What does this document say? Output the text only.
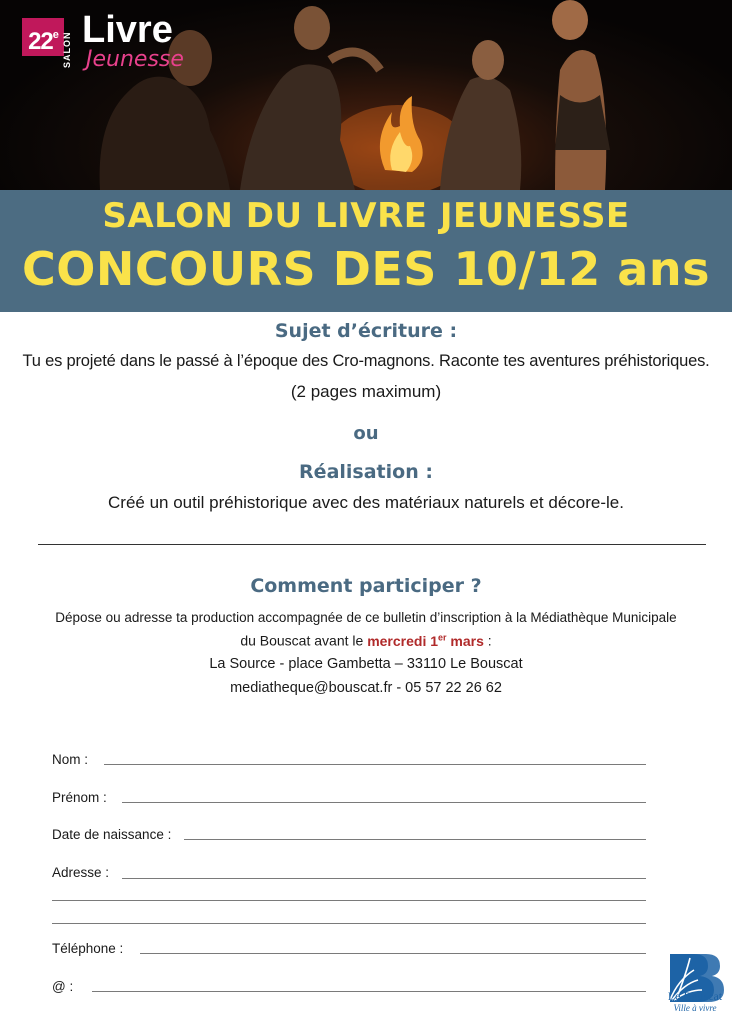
22e SALON Livre
Jeunesse
SALON DU LIVRE JEUNESSE
CONCOURS DES 10/12 ans
Sujet d’écriture :
Tu es projeté dans le passé à l’époque des Cro-magnons. Raconte tes aventures préhistoriques.
(2 pages maximum)
ou
Réalisation :
Créé un outil préhistorique avec des matériaux naturels et décore-le.
Comment participer ?
Dépose ou adresse ta production accompagnée de ce bulletin d’inscription à la Médiathèque Municipale
du Bouscat avant le mercredi 1er mars :
La Source - place Gambetta – 33110 Le Bouscat
mediatheque@bouscat.fr - 05 57 22 26 62
Nom :
Prénom :
Date de naissance :
Adresse :
Téléphone :
@ :
Le Bouscat
Ville à vivre
